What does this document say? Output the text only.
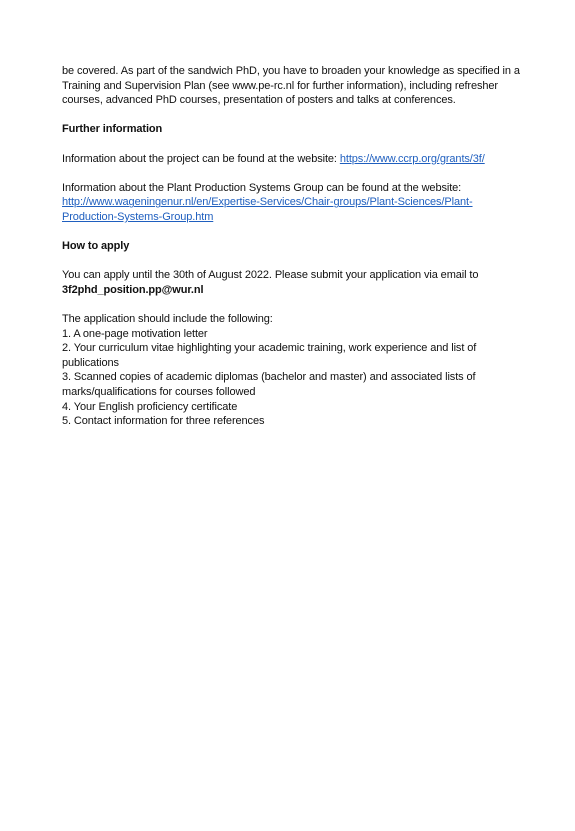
be covered. As part of the sandwich PhD, you have to broaden your knowledge as specified in a Training and Supervision Plan (see www.pe-rc.nl for further information), including refresher courses, advanced PhD courses, presentation of posters and talks at conferences.

Further information

Information about the project can be found at the website: https://www.ccrp.org/grants/3f/

Information about the Plant Production Systems Group can be found at the website:
http://www.wageningenur.nl/en/Expertise-Services/Chair-groups/Plant-Sciences/Plant-Production-Systems-Group.htm

How to apply

You can apply until the 30th of August 2022. Please submit your application via email to
3f2phd_position.pp@wur.nl

The application should include the following:

1. A one-page motivation letter

2. Your curriculum vitae highlighting your academic training, work experience and list of publications

3. Scanned copies of academic diplomas (bachelor and master) and associated lists of marks/qualifications for courses followed

4. Your English proficiency certificate

5. Contact information for three references
